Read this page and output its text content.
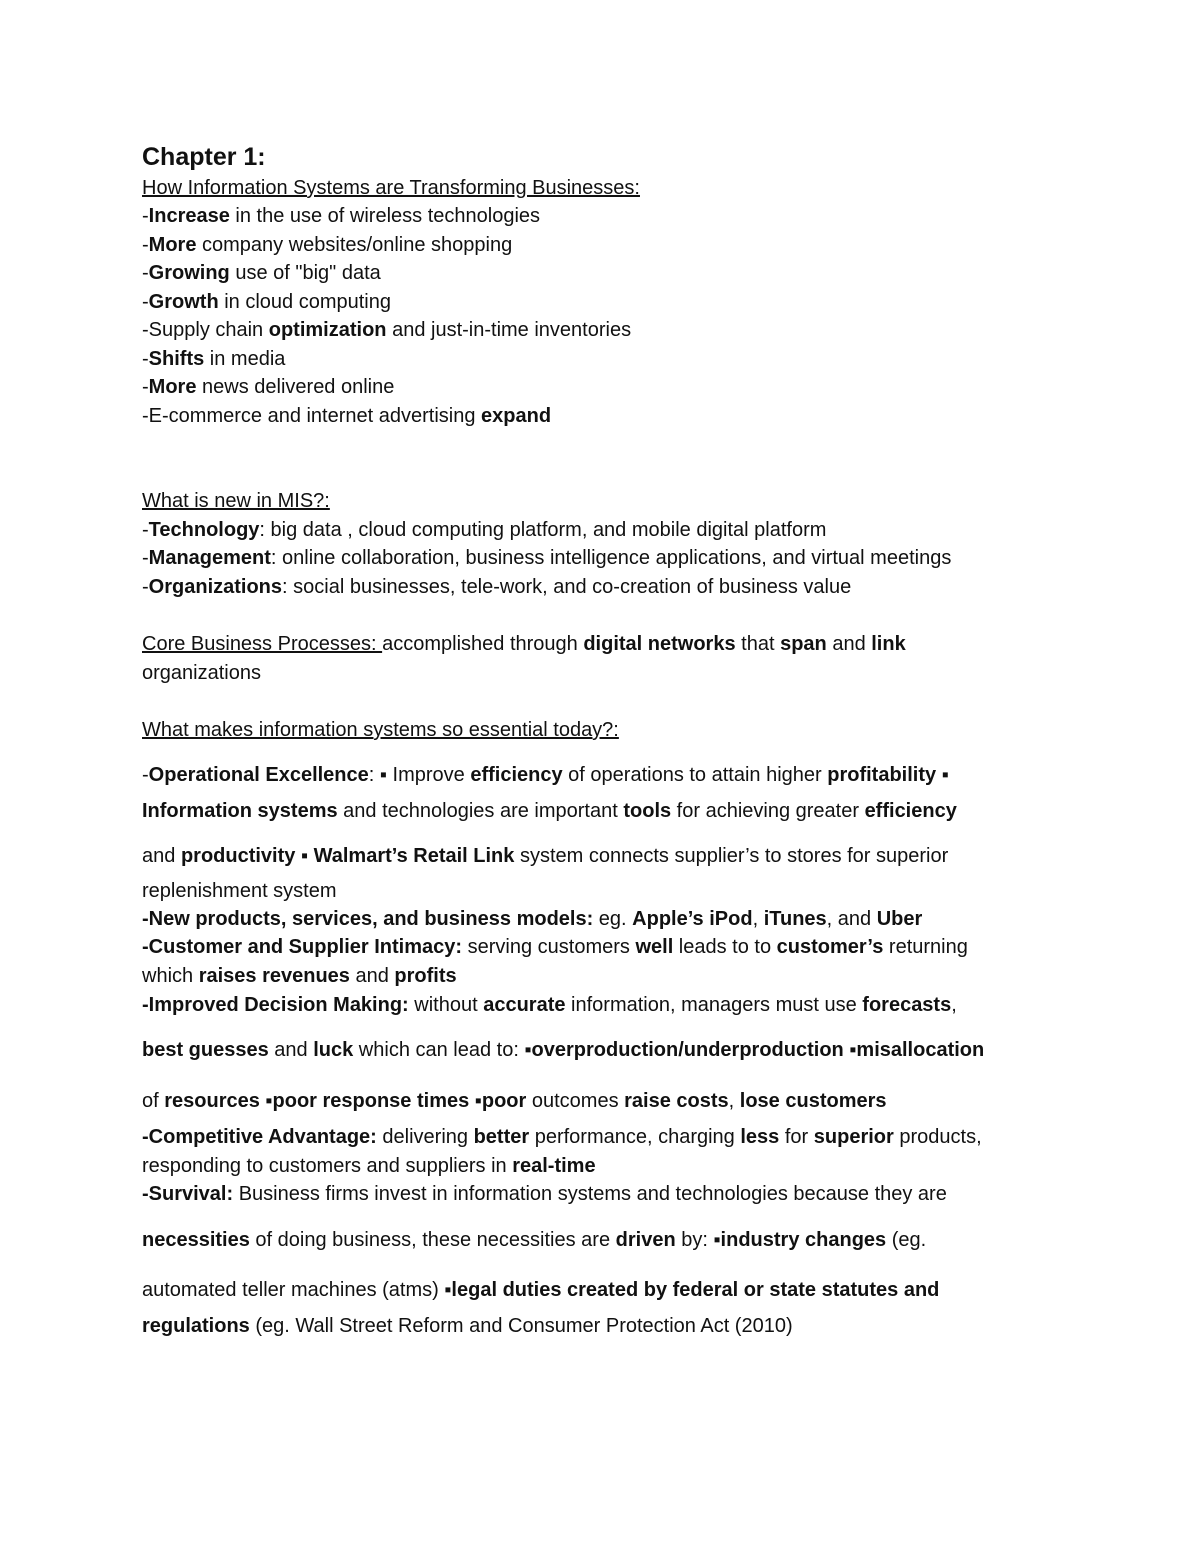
Chapter 1:
How Information Systems are Transforming Businesses:
-Increase in the use of wireless technologies
-More company websites/online shopping
-Growing use of "big" data
-Growth in cloud computing
-Supply chain optimization and just-in-time inventories
-Shifts in media
-More news delivered online
-E-commerce and internet advertising expand
What is new in MIS?:
-Technology: big data , cloud computing platform, and mobile digital platform
-Management: online collaboration, business intelligence applications, and virtual meetings
-Organizations: social businesses, tele-work, and co-creation of business value
Core Business Processes: accomplished through digital networks that span and link
organizations
What makes information systems so essential today?:
-Operational Excellence: ▪ Improve efficiency of operations to attain higher profitability ▪
Information systems and technologies are important tools for achieving greater efficiency
and productivity ▪ Walmart’s Retail Link system connects supplier’s to stores for superior
replenishment system
-New products, services, and business models: eg. Apple’s iPod, iTunes, and Uber
-Customer and Supplier Intimacy: serving customers well leads to to customer’s returning
which raises revenues and profits
-Improved Decision Making: without accurate information, managers must use forecasts,
best guesses and luck which can lead to: ▪overproduction/underproduction ▪misallocation
of resources ▪poor response times ▪poor outcomes raise costs, lose customers
-Competitive Advantage: delivering better performance, charging less for superior products,
responding to customers and suppliers in real-time
-Survival: Business firms invest in information systems and technologies because they are
necessities of doing business, these necessities are driven by: ▪industry changes (eg.
automated teller machines (atms) ▪legal duties created by federal or state statutes and
regulations (eg. Wall Street Reform and Consumer Protection Act (2010)
